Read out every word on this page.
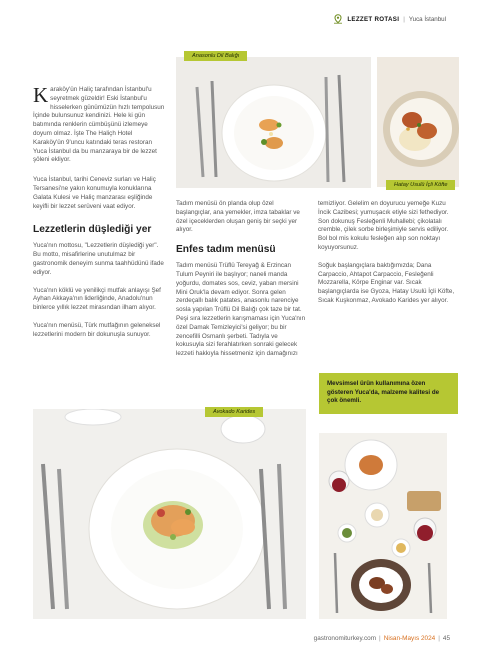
LEZZET ROTASI | Yuca İstanbul
Anasonlu Dil Balığı
Hatay Usulü İçli Köfte

Karaköy'ün Haliç tarafından İstanbul'u seyretmek güzeldir! Eski İstanbul'u hisselerken günümüzün hızlı tempolusun İçinde bulunsunuz kendinizi. Hele ki gün batımında renklerin cümbüşünü izlemeye doyum olmaz. İşte The Haliçh Hotel Karaköy'ün 9'uncu katındaki teras restoran Yuca İstanbul da bu manzaraya bir de lezzet şöleni ekliyor.

Yuca İstanbul, tarihi Ceneviz surları ve Haliç Tersanesi'ne yakın konumuyla konuklarına Galata Kulesi ve Haliç manzarası eşliğinde keyifli bir lezzet serüveni vaat ediyor.

Lezzetlerin düşlediği yer

Yuca'nın mottosu, "Lezzetlerin düşlediği yer". Bu motto, misafirlerine unutulmaz bir gastronomik deneyim sunma taahhüdünü ifade ediyor.

Yuca'nın köklü ve yenilikçi mutfak anlayışı Şef Ayhan Akkaya'nın liderliğinde, Anadolu'nun binlerce yıllık lezzet mirasından ilham alıyor.

Yuca'nın menüsü, Türk mutfağının geleneksel lezzetlerini modern bir dokunuşla sunuyor.

Tadım menüsü ön planda olup özel başlangıçlar, ana yemekler, imza tabaklar ve özel içeceklerden oluşan geniş bir seçki yer alıyor.

Enfes tadım menüsü

Tadım menüsü Trüflü Tereyağ & Erzincan Tulum Peyniri ile başlıyor; naneli manda yoğurdu, domates sos, ceviz, yaban mersini Mini Oruk'la devam ediyor. Sonra gelen zerdeçallı balık patates, anasonlu narenciye sosla yapılan Trüflü Dil Balığı çok taze bir tat. Peşi sıra lezzetlerin karışmaması için Yuca'nın özel Damak Temizleyici'si geliyor; bu bir zencefilli Osmanlı şerbeti. Tadıyla ve kokusuyla sizi ferahlatırken sonraki gelecek lezzeti hakkıyla hissetmeniz için damağınızı

temizliyor. Gelelim en doyurucu yemeğe Kuzu İncik Cazibesi; yumuşacık etiyle sizi fethediyor. Son dokunuş Fesleğenli Muhallebi; çikolatalı cremble, çilek sorbe birleşimiyle servis ediliyor. Bol bol mis kokulu fesleğen alıp son noktayı koyuyorsunuz.

Soğuk başlangıçlara baktığımızda; Dana Carpaccio, Ahtapot Carpaccio, Fesleğenli Mozzarella, Körpe Enginar var. Sıcak başlangıçlarda ise Gyoza, Hatay Usulü İçli Köfte, Sıcak Kuşkonmaz, Avokado Karides yer alıyor.

Mevsimsel ürün kullanımına özen gösteren Yuca'da, malzeme kalitesi de çok önemli.
Avokado Karides
gastronomiturkey.com | Nisan-Mayıs 2024 | 45
